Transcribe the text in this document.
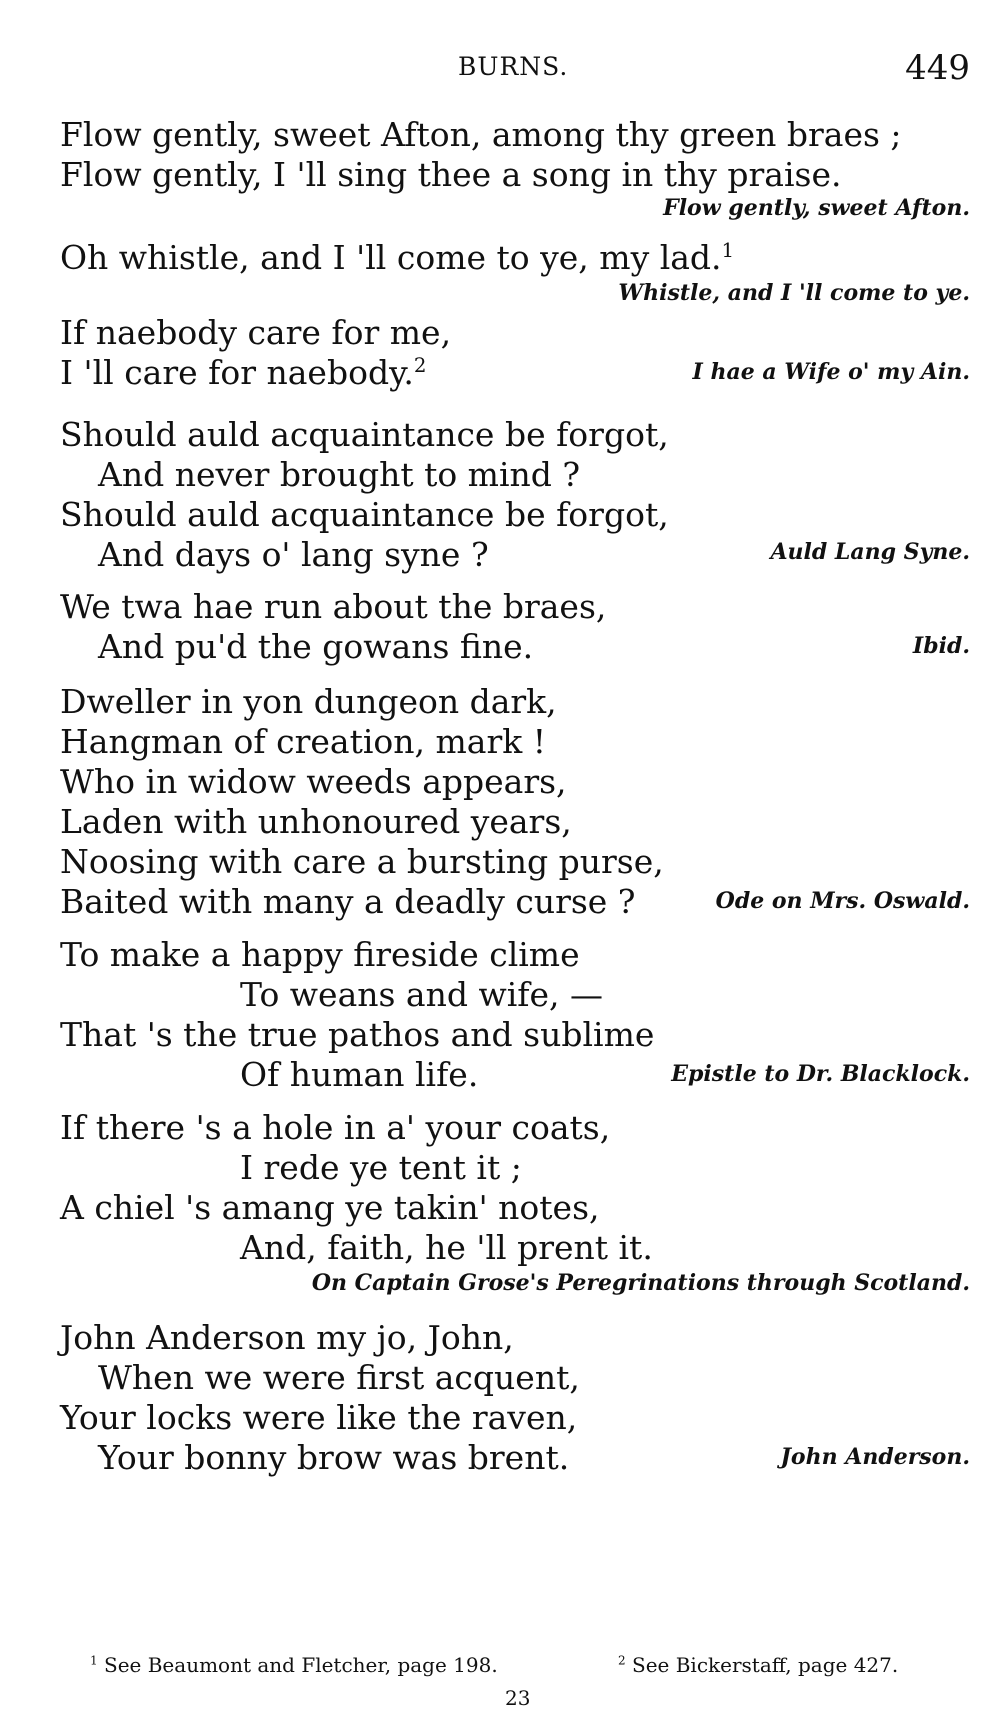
BURNS.	449
Flow gently, sweet Afton, among thy green braes ;
Flow gently, I 'll sing thee a song in thy praise.
Flow gently, sweet Afton.
Oh whistle, and I 'll come to ye, my lad.$^1$
Whistle, and I 'll come to ye.
If naebody care for me,
I 'll care for naebody.$^2$	I hae a Wife o' my Ain.
Should auld acquaintance be forgot,
And never brought to mind ?
Should auld acquaintance be forgot,
And days o' lang syne ?	Auld Lang Syne.
We twa hae run about the braes,
And pu'd the gowans fine.	Ibid.
Dweller in yon dungeon dark,
Hangman of creation, mark !
Who in widow weeds appears,
Laden with unhonoured years,
Noosing with care a bursting purse,
Baited with many a deadly curse ?	Ode on Mrs. Oswald.
To make a happy fireside clime
To weans and wife, —
That 's the true pathos and sublime
Of human life.	Epistle to Dr. Blacklock.
If there 's a hole in a' your coats,
I rede ye tent it ;
A chiel 's amang ye takin' notes,
And, faith, he 'll prent it.
On Captain Grose's Peregrinations through Scotland.
John Anderson my jo, John,
When we were first acquent,
Your locks were like the raven,
Your bonny brow was brent.	John Anderson.
$^1$ See Beaumont and Fletcher, page 198.	$^2$ See Bickerstaff, page 427.
23
